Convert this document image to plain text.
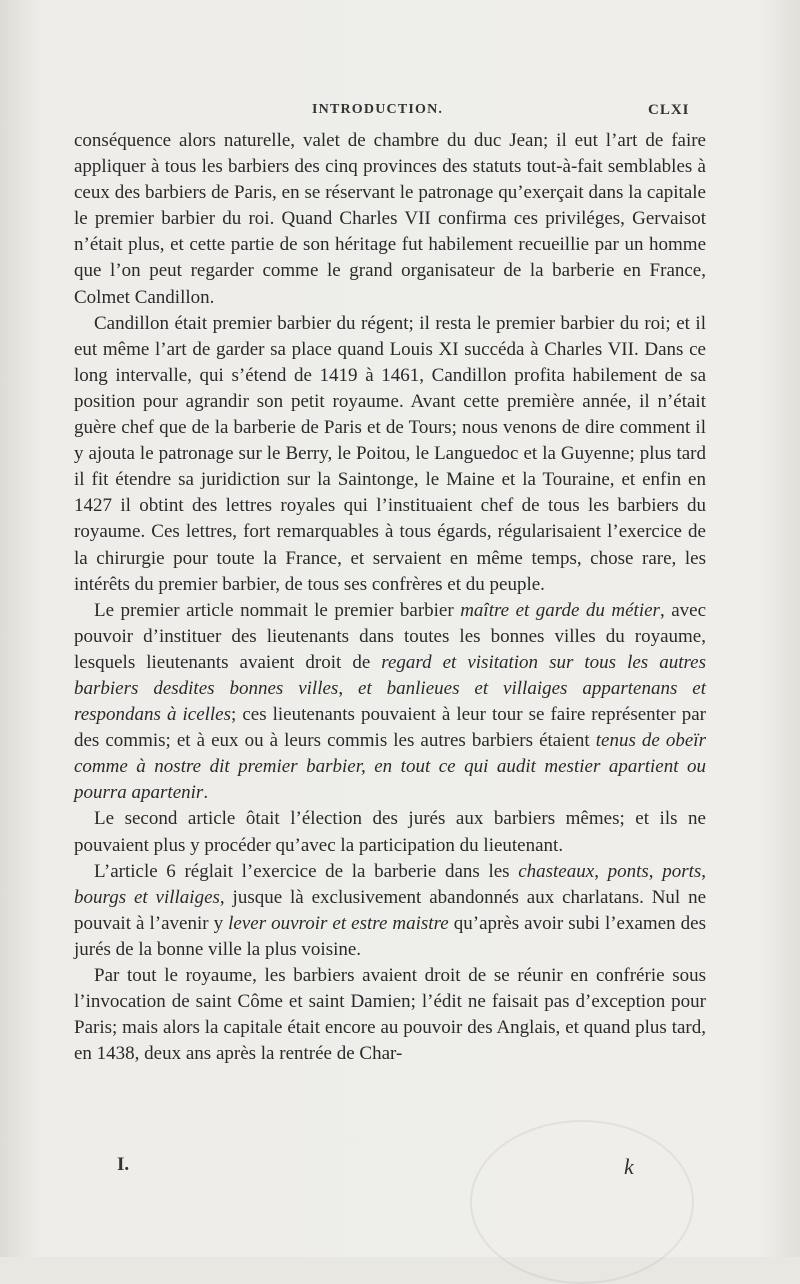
INTRODUCTION.	CLXI

conséquence alors naturelle, valet de chambre du duc Jean; il eut l’art de faire appliquer à tous les barbiers des cinq provinces des statuts tout-à-fait semblables à ceux des barbiers de Paris, en se réservant le patronage qu’exerçait dans la capitale le premier barbier du roi. Quand Charles VII confirma ces priviléges, Gervaisot n’était plus, et cette partie de son héritage fut habilement recueillie par un homme que l’on peut regarder comme le grand organisateur de la barberie en France, Colmet Candillon.

Candillon était premier barbier du régent; il resta le premier barbier du roi; et il eut même l’art de garder sa place quand Louis XI succéda à Charles VII. Dans ce long intervalle, qui s’étend de 1419 à 1461, Candillon profita habilement de sa position pour agrandir son petit royaume. Avant cette première année, il n’était guère chef que de la barberie de Paris et de Tours; nous venons de dire comment il y ajouta le patronage sur le Berry, le Poitou, le Languedoc et la Guyenne; plus tard il fit étendre sa juridiction sur la Saintonge, le Maine et la Touraine, et enfin en 1427 il obtint des lettres royales qui l’instituaient chef de tous les barbiers du royaume. Ces lettres, fort remarquables à tous égards, régularisaient l’exercice de la chirurgie pour toute la France, et servaient en même temps, chose rare, les intérêts du premier barbier, de tous ses confrères et du peuple.

Le premier article nommait le premier barbier maître et garde du métier, avec pouvoir d’instituer des lieutenants dans toutes les bonnes villes du royaume, lesquels lieutenants avaient droit de regard et visitation sur tous les autres barbiers desdites bonnes villes, et banlieues et villaiges appartenans et respondans à icelles; ces lieutenants pouvaient à leur tour se faire représenter par des commis; et à eux ou à leurs commis les autres barbiers étaient tenus de obeïr comme à nostre dit premier barbier, en tout ce qui audit mestier apartient ou pourra apartenir.

Le second article ôtait l’élection des jurés aux barbiers mêmes; et ils ne pouvaient plus y procéder qu’avec la participation du lieutenant.

L’article 6 réglait l’exercice de la barberie dans les chasteaux, ponts, ports, bourgs et villaiges, jusque là exclusivement abandonnés aux charlatans. Nul ne pouvait à l’avenir y lever ouvroir et estre maistre qu’après avoir subi l’examen des jurés de la bonne ville la plus voisine.

Par tout le royaume, les barbiers avaient droit de se réunir en confrérie sous l’invocation de saint Côme et saint Damien; l’édit ne faisait pas d’exception pour Paris; mais alors la capitale était encore au pouvoir des Anglais, et quand plus tard, en 1438, deux ans après la rentrée de Char-

I.	k
